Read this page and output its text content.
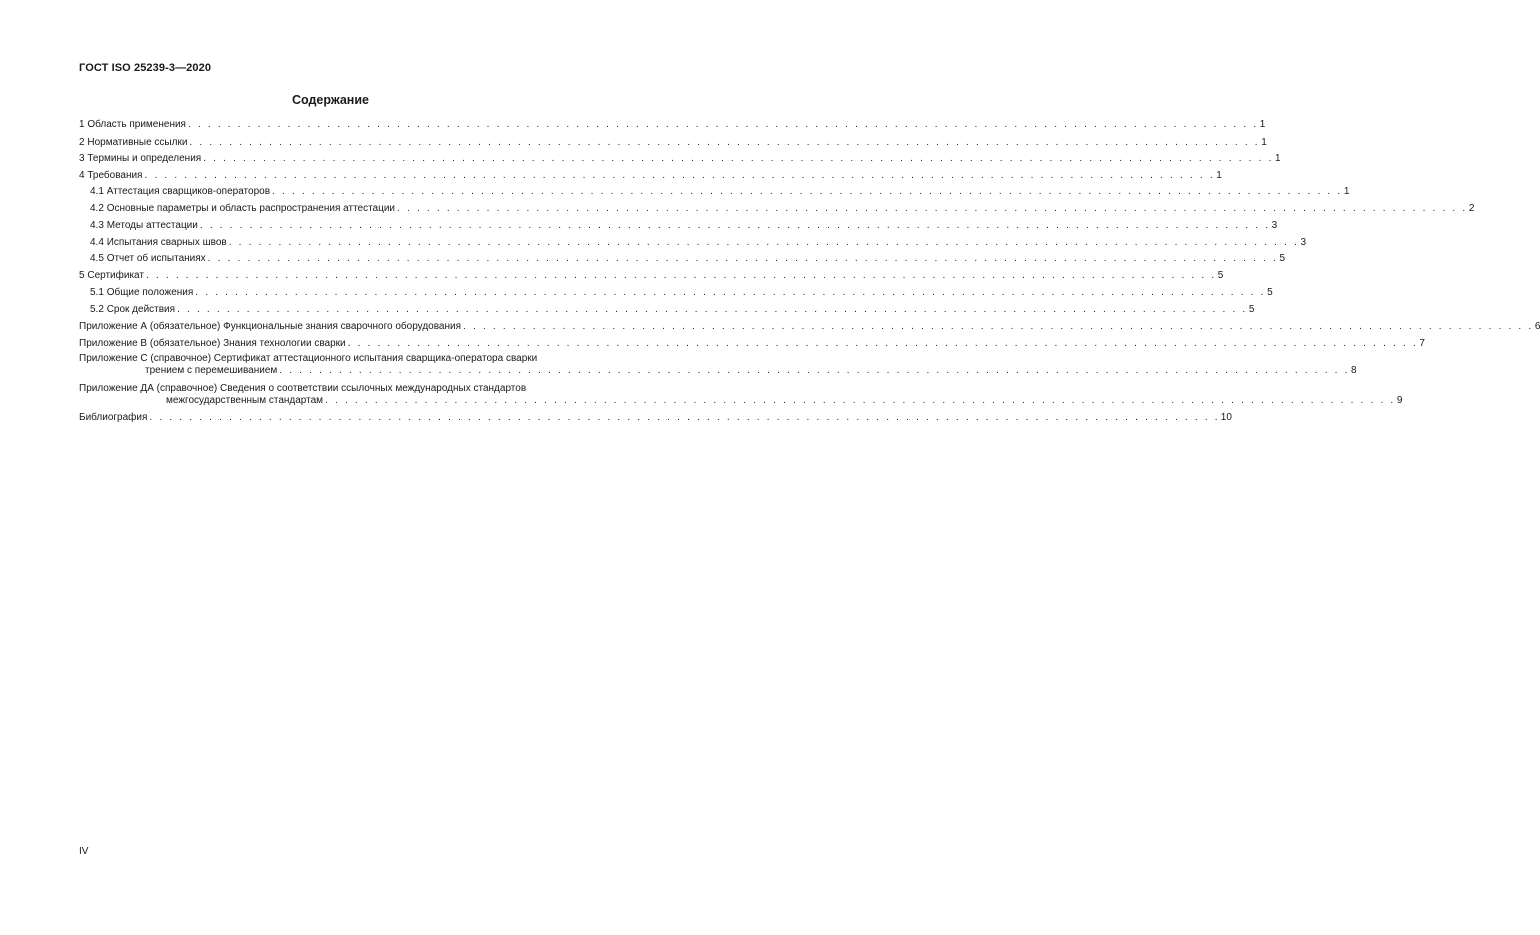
ГОСТ ISO 25239-3—2020
Содержание
1 Область применения . . . . . . . . . . . . . . . . . . . . . . . . . . . . . . . . . . . . . . . . . . . . . . . . . . . . . . . . . . . . . . . . . . . . . . . . . . . . . . . . . . . . . . . . . . . . . . . . . . . . . . . . . . . . 1
2 Нормативные ссылки . . . . . . . . . . . . . . . . . . . . . . . . . . . . . . . . . . . . . . . . . . . . . . . . . . . . . . . . . . . . . . . . . . . . . . . . . . . . . . . . . . . . . . . . . . . . . . . . . . . . . . . . . . . . 1
3 Термины и определения . . . . . . . . . . . . . . . . . . . . . . . . . . . . . . . . . . . . . . . . . . . . . . . . . . . . . . . . . . . . . . . . . . . . . . . . . . . . . . . . . . . . . . . . . . . . . . . . . . . . . . . . . . . . 1
4 Требования . . . . . . . . . . . . . . . . . . . . . . . . . . . . . . . . . . . . . . . . . . . . . . . . . . . . . . . . . . . . . . . . . . . . . . . . . . . . . . . . . . . . . . . . . . . . . . . . . . . . . . . . . . . . 1
4.1 Аттестация сварщиков-операторов . . . . . . . . . . . . . . . . . . . . . . . . . . . . . . . . . . . . . . . . . . . . . . . . . . . . . . . . . . . . . . . . . . . . . . . . . . . . . . . . . . . . . . . . . . . . . . . . . . . . . . . . . . . . 1
4.2 Основные параметры и область распространения аттестации . . . . . . . . . . . . . . . . . . . . . . . . . . . . . . . . . . . . . . . . . . . . . . . . . . . . . . . . . . . . . . . . . . . . . . . . . . . . . . . . . . . . . . . . . . . . . . . . . . . . . . . . . . . . 2
4.3 Методы аттестации . . . . . . . . . . . . . . . . . . . . . . . . . . . . . . . . . . . . . . . . . . . . . . . . . . . . . . . . . . . . . . . . . . . . . . . . . . . . . . . . . . . . . . . . . . . . . . . . . . . . . . . . . . . . 3
4.4 Испытания сварных швов . . . . . . . . . . . . . . . . . . . . . . . . . . . . . . . . . . . . . . . . . . . . . . . . . . . . . . . . . . . . . . . . . . . . . . . . . . . . . . . . . . . . . . . . . . . . . . . . . . . . . . . . . . . . 3
4.5 Отчет об испытаниях . . . . . . . . . . . . . . . . . . . . . . . . . . . . . . . . . . . . . . . . . . . . . . . . . . . . . . . . . . . . . . . . . . . . . . . . . . . . . . . . . . . . . . . . . . . . . . . . . . . . . . . . . . . . 5
5 Сертификат . . . . . . . . . . . . . . . . . . . . . . . . . . . . . . . . . . . . . . . . . . . . . . . . . . . . . . . . . . . . . . . . . . . . . . . . . . . . . . . . . . . . . . . . . . . . . . . . . . . . . . . . . . . . 5
5.1 Общие положения . . . . . . . . . . . . . . . . . . . . . . . . . . . . . . . . . . . . . . . . . . . . . . . . . . . . . . . . . . . . . . . . . . . . . . . . . . . . . . . . . . . . . . . . . . . . . . . . . . . . . . . . . . . . 5
5.2 Срок действия . . . . . . . . . . . . . . . . . . . . . . . . . . . . . . . . . . . . . . . . . . . . . . . . . . . . . . . . . . . . . . . . . . . . . . . . . . . . . . . . . . . . . . . . . . . . . . . . . . . . . . . . . . . . 5
Приложение А (обязательное) Функциональные знания сварочного оборудования . . . . . . . . . . . . . . . . . . . . . . . . . . . . . . . . . . . . . . . . . . . . . . . . . . . . . . . . . . . . . . . . . . . . . . . . . . . . . . . . . . . . . . . . . . . . . . . . . . . . . . . . . . . . 6
Приложение В (обязательное) Знания технологии сварки . . . . . . . . . . . . . . . . . . . . . . . . . . . . . . . . . . . . . . . . . . . . . . . . . . . . . . . . . . . . . . . . . . . . . . . . . . . . . . . . . . . . . . . . . . . . . . . . . . . . . . . . . . . . 7
Приложение С (справочное) Сертификат аттестационного испытания сварщика-оператора сварки
трением с перемешиванием . . . . . . . . . . . . . . . . . . . . . . . . . . . . . . . . . . . . . . . . . . . . . . . . . . . . . . . . . . . . . . . . . . . . . . . . . . . . . . . . . . . . . . . . . . . . . . . . . . . . . . . . . . . . 8
Приложение ДА (справочное) Сведения о соответствии ссылочных международных стандартов
межгосударственным стандартам . . . . . . . . . . . . . . . . . . . . . . . . . . . . . . . . . . . . . . . . . . . . . . . . . . . . . . . . . . . . . . . . . . . . . . . . . . . . . . . . . . . . . . . . . . . . . . . . . . . . . . . . . . . . 9
Библиография . . . . . . . . . . . . . . . . . . . . . . . . . . . . . . . . . . . . . . . . . . . . . . . . . . . . . . . . . . . . . . . . . . . . . . . . . . . . . . . . . . . . . . . . . . . . . . . . . . . . . . . . . . . . 10
IV
